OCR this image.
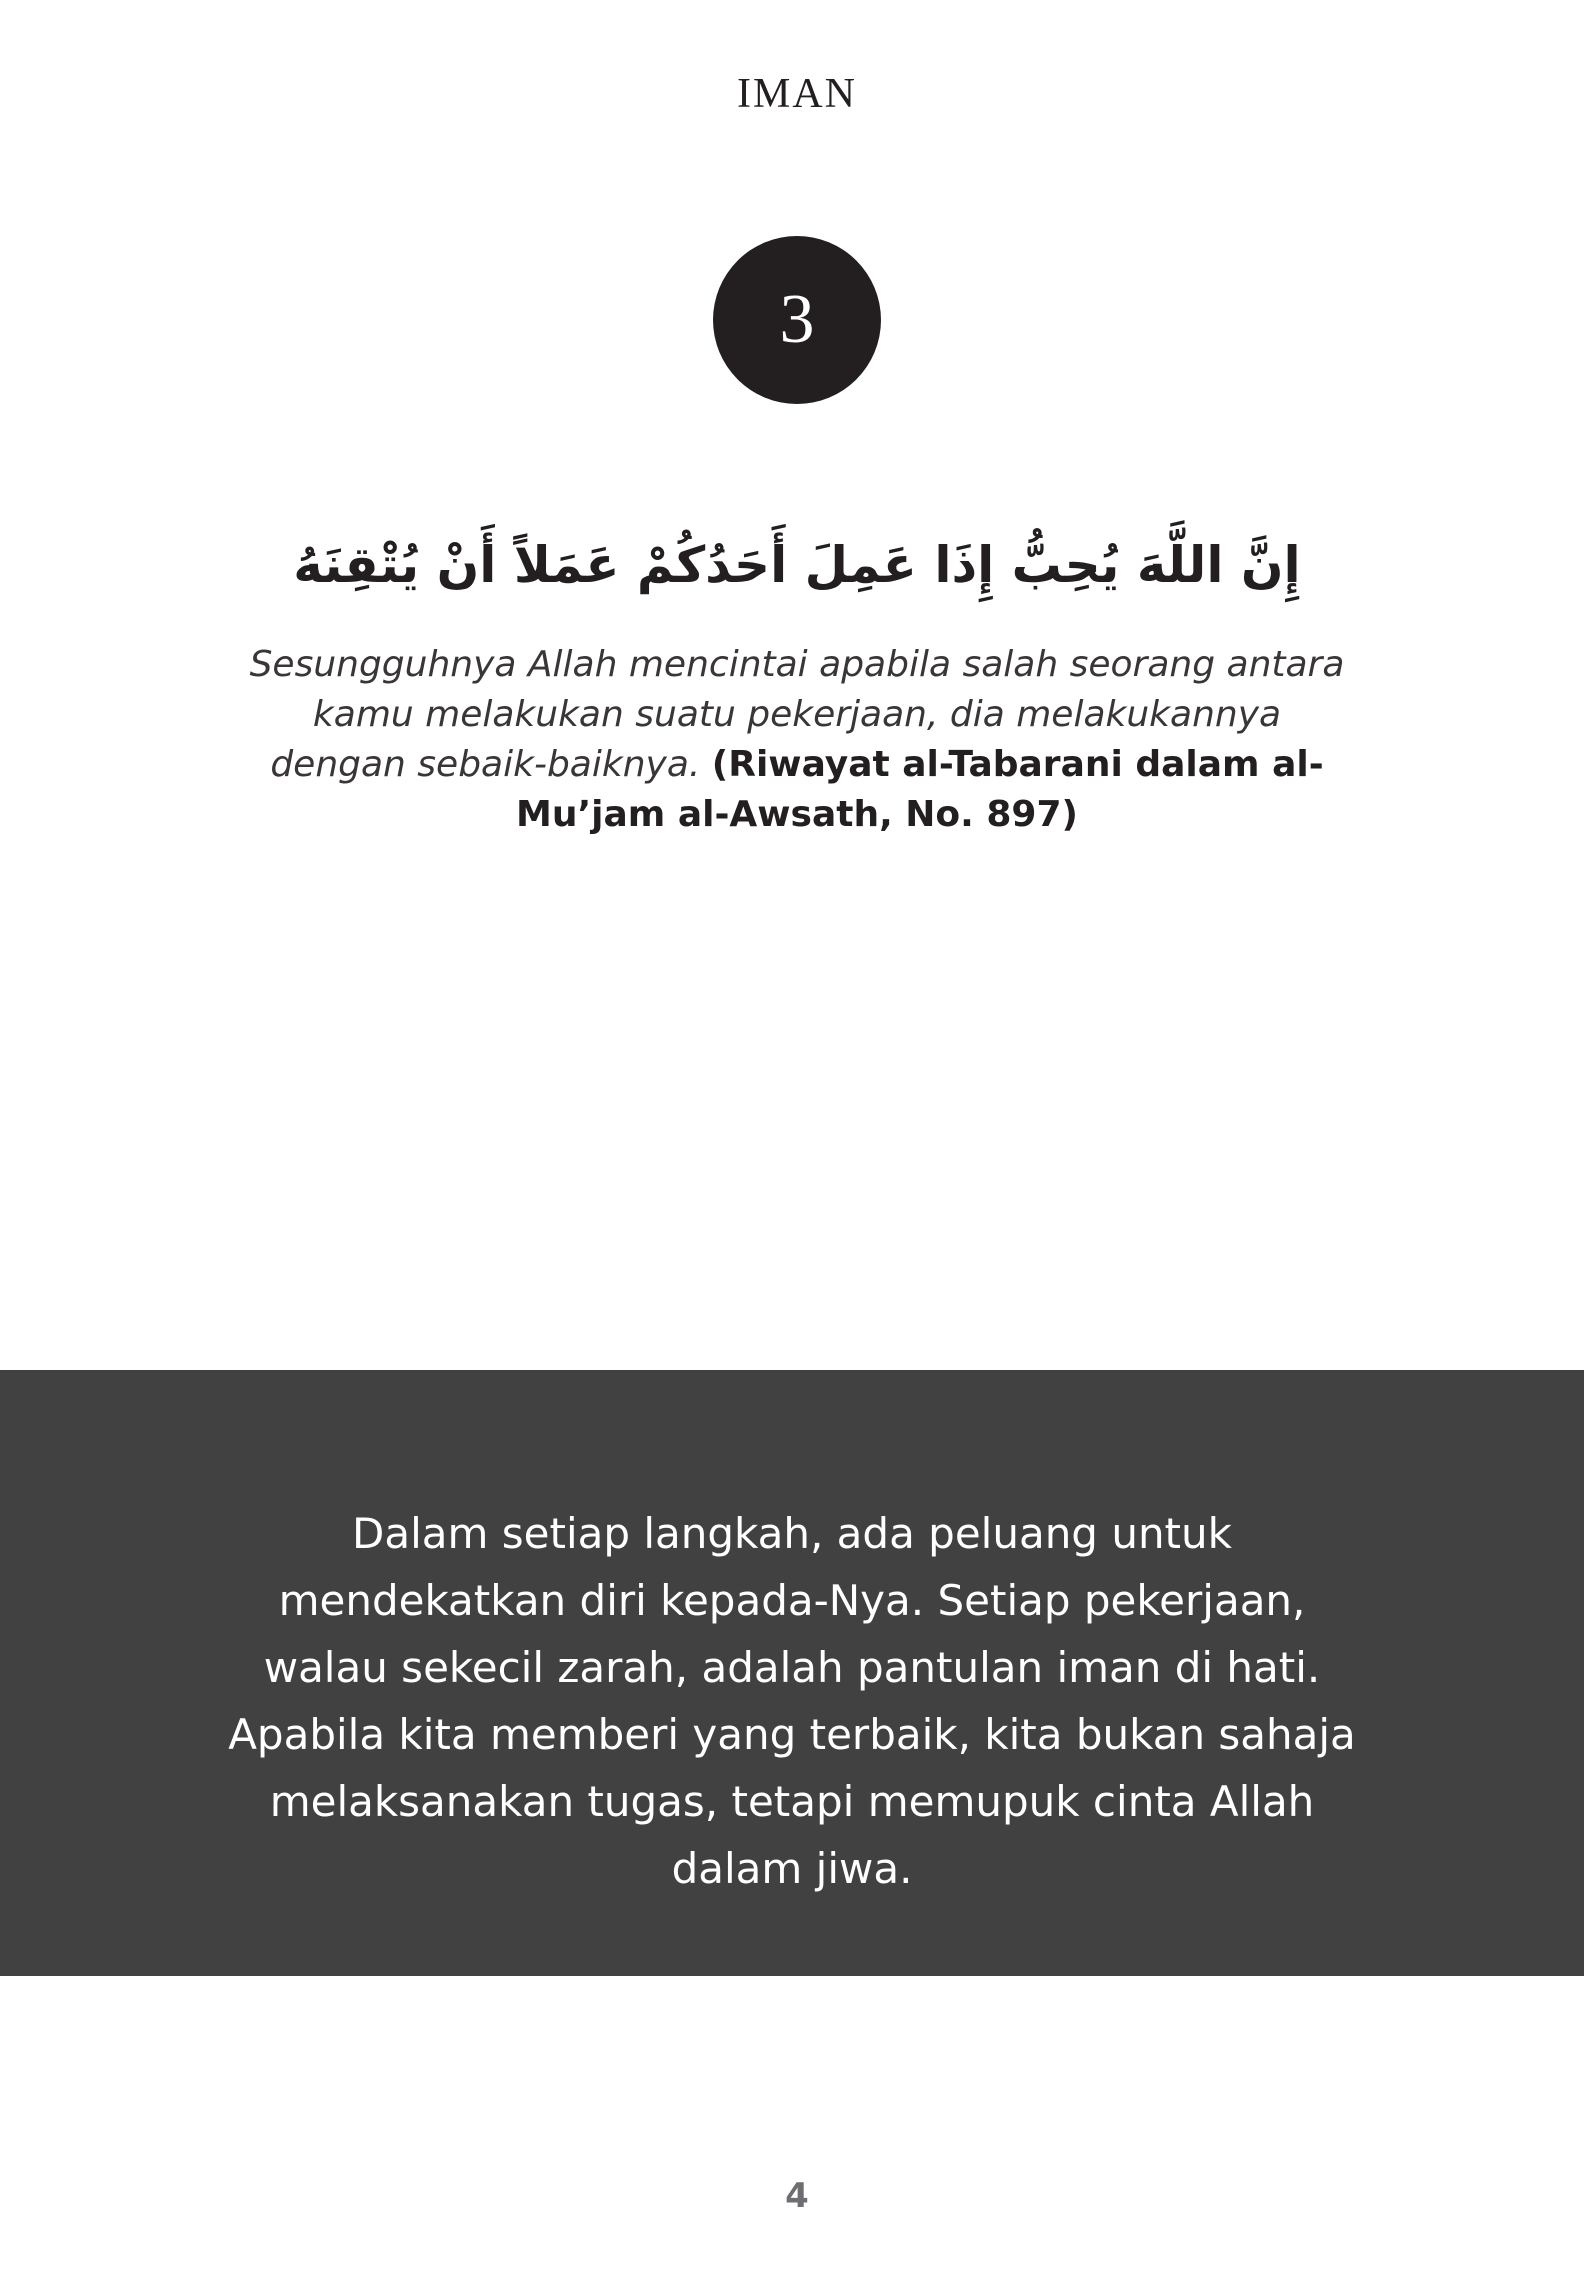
IMAN
3
إِنَّ اللَّهَ يُحِبُّ إِذَا عَمِلَ أَحَدُكُمْ عَمَلاً أَنْ يُتْقِنَهُ
Sesungguhnya Allah mencintai apabila salah seorang antara kamu melakukan suatu pekerjaan, dia melakukannya dengan sebaik-baiknya. (Riwayat al-Tabarani dalam al-Mu’jam al-Awsath, No. 897)
Dalam setiap langkah, ada peluang untuk mendekatkan diri kepada-Nya. Setiap pekerjaan, walau sekecil zarah, adalah pantulan iman di hati. Apabila kita memberi yang terbaik, kita bukan sahaja melaksanakan tugas, tetapi memupuk cinta Allah dalam jiwa.
4
